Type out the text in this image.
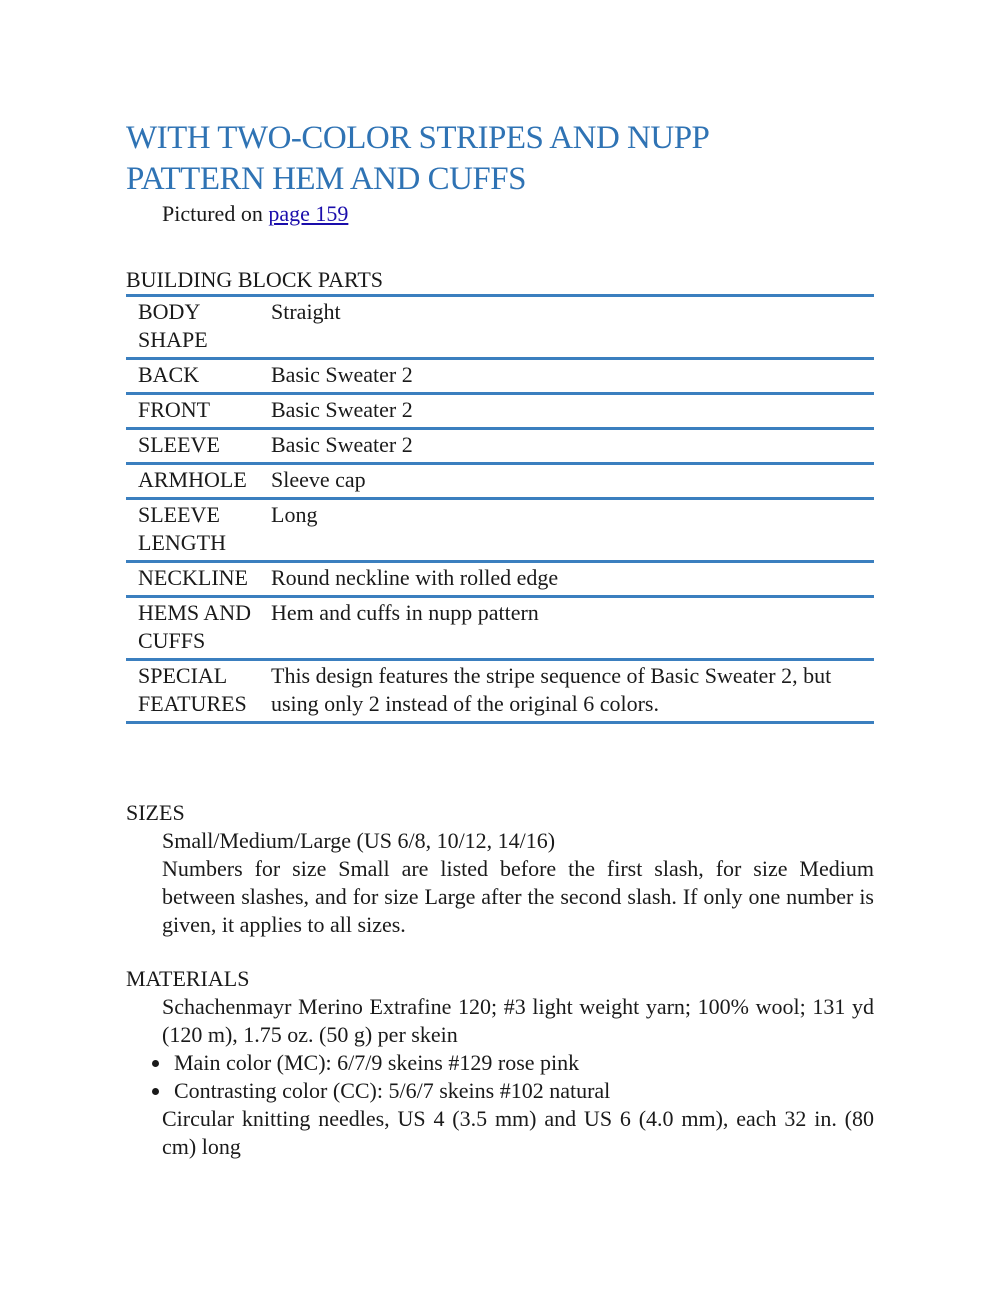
WITH TWO-COLOR STRIPES AND NUPP
PATTERN HEM AND CUFFS

Pictured on page 159

BUILDING BLOCK PARTS
BODY SHAPE	Straight
BACK	Basic Sweater 2
FRONT	Basic Sweater 2
SLEEVE	Basic Sweater 2
ARMHOLE	Sleeve cap
SLEEVE LENGTH	Long
NECKLINE	Round neckline with rolled edge
HEMS AND CUFFS	Hem and cuffs in nupp pattern
SPECIAL FEATURES	This design features the stripe sequence of Basic Sweater 2, but using only 2 instead of the original 6 colors.
SIZES

Small/Medium/Large (US 6/8, 10/12, 14/16)

Numbers for size Small are listed before the first slash, for size Medium between slashes, and for size Large after the second slash. If only one number is given, it applies to all sizes.

MATERIALS

Schachenmayr Merino Extrafine 120; #3 light weight yarn; 100% wool; 131 yd (120 m), 1.75 oz. (50 g) per skein

Main color (MC): 6/7/9 skeins #129 rose pink
Contrasting color (CC): 5/6/7 skeins #102 natural

Circular knitting needles, US 4 (3.5 mm) and US 6 (4.0 mm), each 32 in. (80 cm) long
